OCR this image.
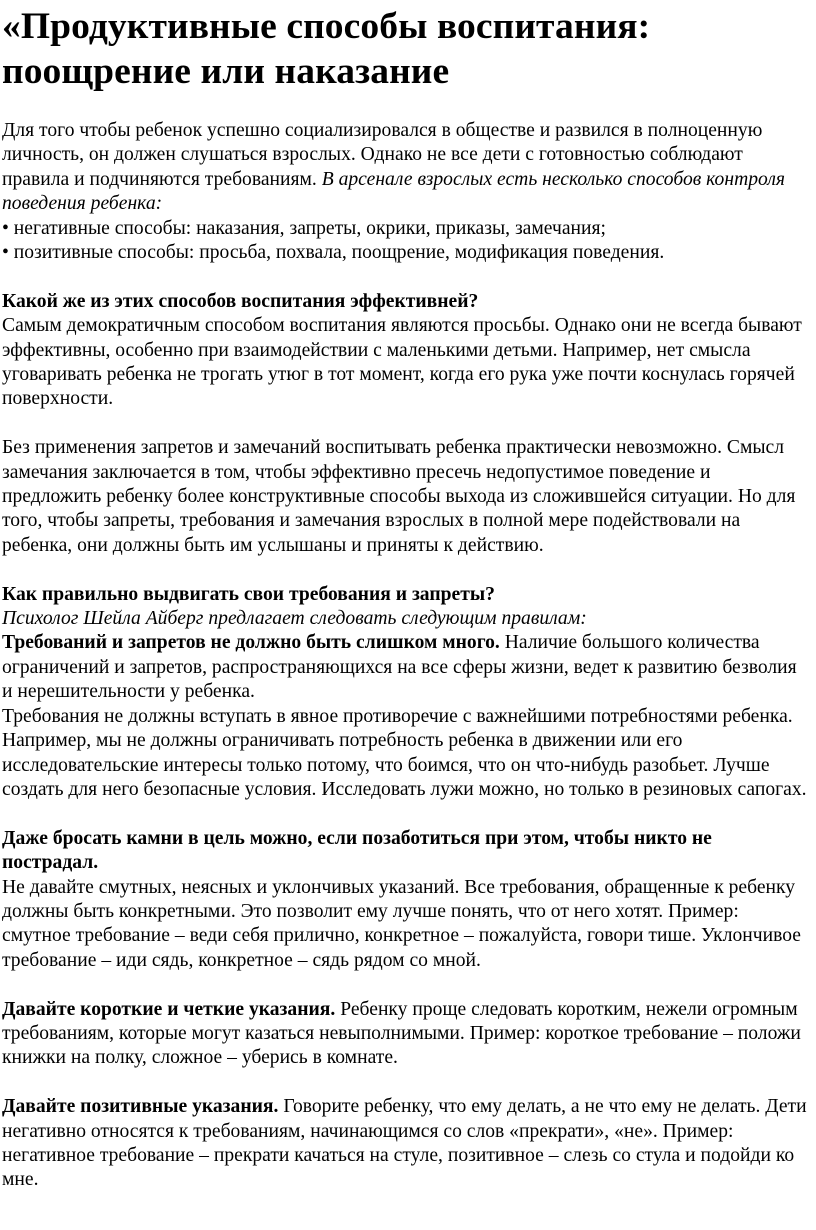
«Продуктивные способы воспитания: поощрение или наказание

Для того чтобы ребенок успешно социализировался в обществе и развился в полноценную личность, он должен слушаться взрослых. Однако не все дети с готовностью соблюдают правила и подчиняются требованиям. В арсенале взрослых есть несколько способов контроля поведения ребенка:

• негативные способы: наказания, запреты, окрики, приказы, замечания;

• позитивные способы: просьба, похвала, поощрение, модификация поведения.

Какой же из этих способов воспитания эффективней?

Самым демократичным способом воспитания являются просьбы. Однако они не всегда бывают эффективны, особенно при взаимодействии с маленькими детьми. Например, нет смысла уговаривать ребенка не трогать утюг в тот момент, когда его рука уже почти коснулась горячей поверхности.

Без применения запретов и замечаний воспитывать ребенка практически невозможно. Смысл замечания заключается в том, чтобы эффективно пресечь недопустимое поведение и предложить ребенку более конструктивные способы выхода из сложившейся ситуации. Но для того, чтобы запреты, требования и замечания взрослых в полной мере подействовали на ребенка, они должны быть им услышаны и приняты к действию.

Как правильно выдвигать свои требования и запреты?

Психолог Шейла Айберг предлагает следовать следующим правилам:

Требований и запретов не должно быть слишком много. Наличие большого количества ограничений и запретов, распространяющихся на все сферы жизни, ведет к развитию безволия и нерешительности у ребенка.

Требования не должны вступать в явное противоречие с важнейшими потребностями ребенка. Например, мы не должны ограничивать потребность ребенка в движении или его исследовательские интересы только потому, что боимся, что он что-нибудь разобьет. Лучше создать для него безопасные условия. Исследовать лужи можно, но только в резиновых сапогах.

Даже бросать камни в цель можно, если позаботиться при этом, чтобы никто не пострадал.

Не давайте смутных, неясных и уклончивых указаний. Все требования, обращенные к ребенку должны быть конкретными. Это позволит ему лучше понять, что от него хотят. Пример: смутное требование – веди себя прилично, конкретное – пожалуйста, говори тише. Уклончивое требование – иди сядь, конкретное – сядь рядом со мной.

Давайте короткие и четкие указания. Ребенку проще следовать коротким, нежели огромным требованиям, которые могут казаться невыполнимыми. Пример: короткое требование – положи книжки на полку, сложное – уберись в комнате.

Давайте позитивные указания. Говорите ребенку, что ему делать, а не что ему не делать. Дети негативно относятся к требованиям, начинающимся со слов «прекрати», «не». Пример: негативное требование – прекрати качаться на стуле, позитивное – слезь со стула и подойди ко мне.
